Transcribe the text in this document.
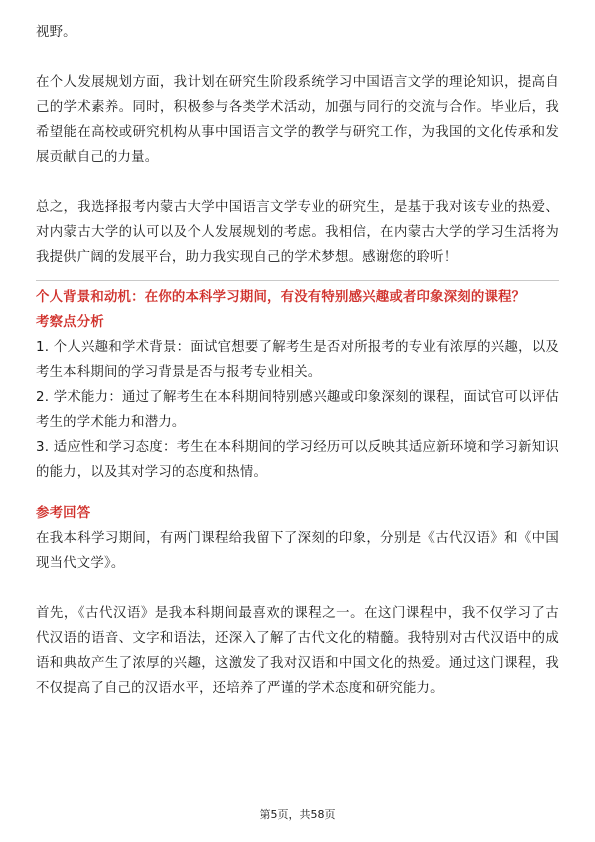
视野。

在个人发展规划方面，我计划在研究生阶段系统学习中国语言文学的理论知识，提高自己的学术素养。同时，积极参与各类学术活动，加强与同行的交流与合作。毕业后，我希望能在高校或研究机构从事中国语言文学的教学与研究工作，为我国的文化传承和发展贡献自己的力量。

总之，我选择报考内蒙古大学中国语言文学专业的研究生，是基于我对该专业的热爱、对内蒙古大学的认可以及个人发展规划的考虑。我相信，在内蒙古大学的学习生活将为我提供广阔的发展平台，助力我实现自己的学术梦想。感谢您的聆听！

个人背景和动机：在你的本科学习期间，有没有特别感兴趣或者印象深刻的课程？

考察点分析

1. 个人兴趣和学术背景：面试官想要了解考生是否对所报考的专业有浓厚的兴趣，以及考生本科期间的学习背景是否与报考专业相关。

2. 学术能力：通过了解考生在本科期间特别感兴趣或印象深刻的课程，面试官可以评估考生的学术能力和潜力。

3. 适应性和学习态度：考生在本科期间的学习经历可以反映其适应新环境和学习新知识的能力，以及其对学习的态度和热情。

参考回答

在我本科学习期间，有两门课程给我留下了深刻的印象，分别是《古代汉语》和《中国现当代文学》。

首先，《古代汉语》是我本科期间最喜欢的课程之一。在这门课程中，我不仅学习了古代汉语的语音、文字和语法，还深入了解了古代文化的精髓。我特别对古代汉语中的成语和典故产生了浓厚的兴趣，这激发了我对汉语和中国文化的热爱。通过这门课程，我不仅提高了自己的汉语水平，还培养了严谨的学术态度和研究能力。

第5页，共58页
